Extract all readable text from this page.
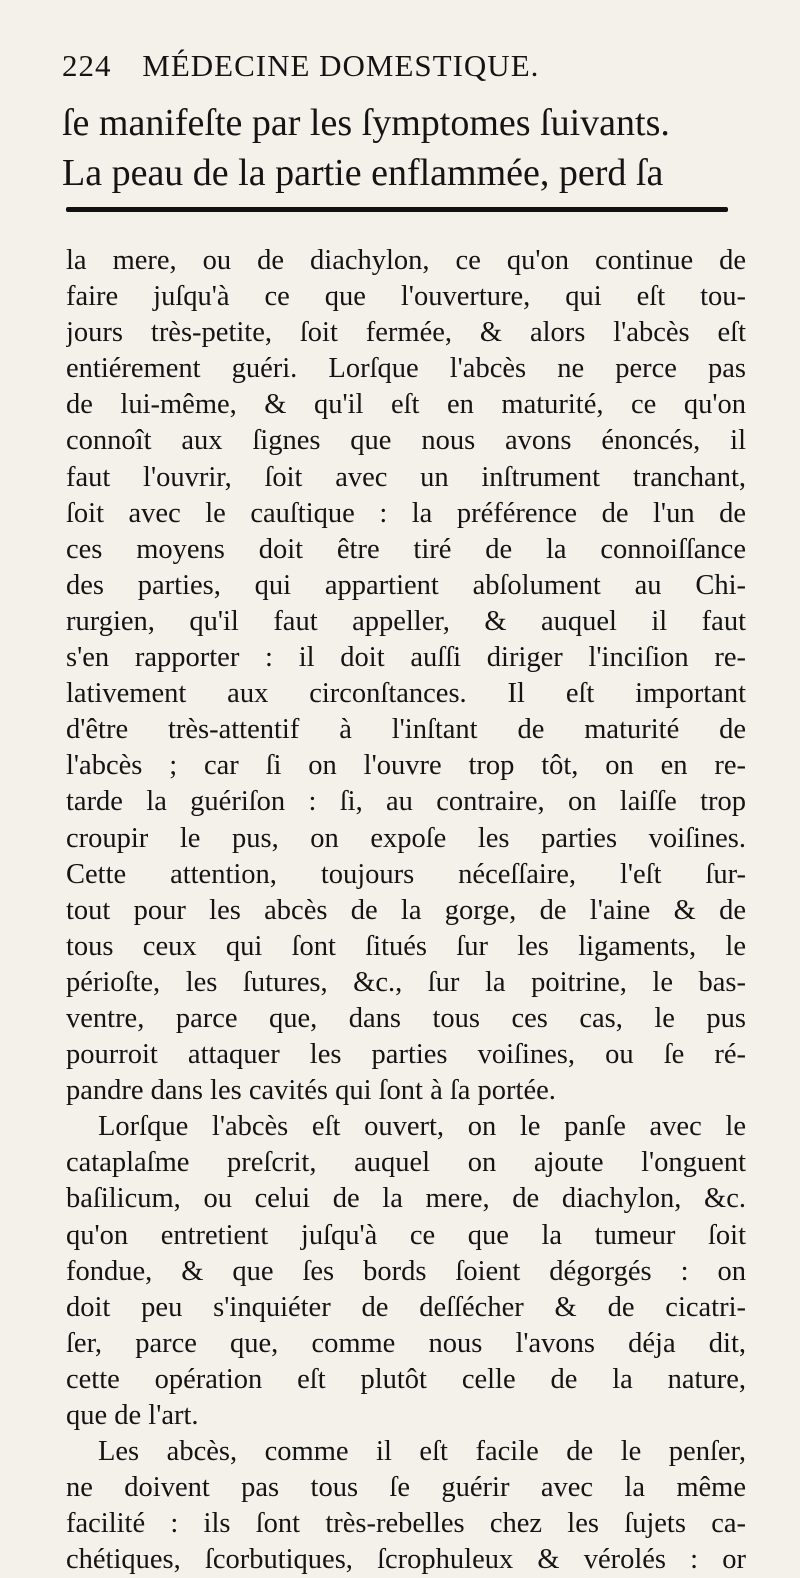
224 MÉDECINE DOMESTIQUE.
ſe manifeſte par les ſymptomes ſuivants.
La peau de la partie enflammée, perd ſa
la mere, ou de diachylon, ce qu'on continue de
faire juſqu'à ce que l'ouverture, qui eſt tou-
jours très-petite, ſoit fermée, & alors l'abcès eſt
entiérement guéri. Lorſque l'abcès ne perce pas
de lui-même, & qu'il eſt en maturité, ce qu'on
connoît aux ſignes que nous avons énoncés, il
faut l'ouvrir, ſoit avec un inſtrument tranchant,
ſoit avec le cauſtique : la préférence de l'un de
ces moyens doit être tiré de la connoiſſance
des parties, qui appartient abſolument au Chi-
rurgien, qu'il faut appeller, & auquel il faut
s'en rapporter : il doit auſſi diriger l'inciſion re-
lativement aux circonſtances. Il eſt important
d'être très-attentif à l'inſtant de maturité de
l'abcès ; car ſi on l'ouvre trop tôt, on en re-
tarde la guériſon : ſi, au contraire, on laiſſe trop
croupir le pus, on expoſe les parties voiſines.
Cette attention, toujours néceſſaire, l'eſt ſur-
tout pour les abcès de la gorge, de l'aine & de
tous ceux qui ſont ſitués ſur les ligaments, le
périoſte, les ſutures, &c., ſur la poitrine, le bas-
ventre, parce que, dans tous ces cas, le pus
pourroit attaquer les parties voiſines, ou ſe ré-
pandre dans les cavités qui ſont à ſa portée.
Lorſque l'abcès eſt ouvert, on le panſe avec le
cataplaſme preſcrit, auquel on ajoute l'onguent
baſilicum, ou celui de la mere, de diachylon, &c.
qu'on entretient juſqu'à ce que la tumeur ſoit
fondue, & que ſes bords ſoient dégorgés : on
doit peu s'inquiéter de deſſécher & de cicatri-
ſer, parce que, comme nous l'avons déja dit,
cette opération eſt plutôt celle de la nature,
que de l'art.
Les abcès, comme il eſt facile de le penſer,
ne doivent pas tous ſe guérir avec la même
facilité : ils ſont très-rebelles chez les ſujets ca-
chétiques, ſcorbutiques, ſcrophuleux & vérolés : or
